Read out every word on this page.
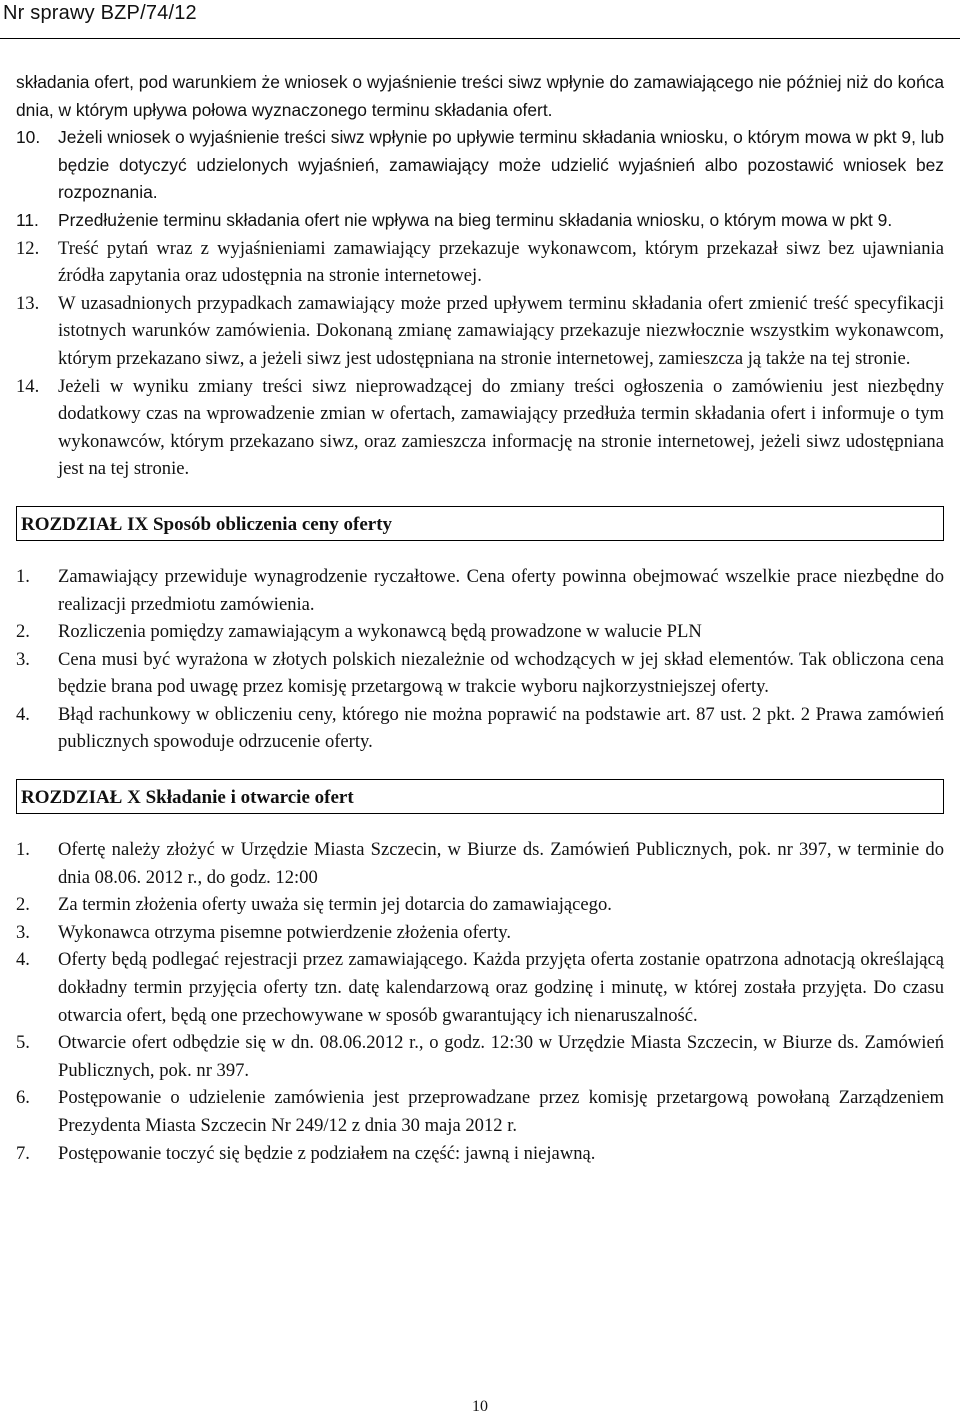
Nr sprawy BZP/74/12

składania ofert, pod warunkiem że wniosek o wyjaśnienie treści siwz wpłynie do zamawiającego nie później niż do końca dnia, w którym upływa połowa wyznaczonego terminu składania ofert.

10.	Jeżeli wniosek o wyjaśnienie treści siwz wpłynie po upływie terminu składania wniosku, o którym mowa w pkt 9, lub będzie dotyczyć udzielonych wyjaśnień, zamawiający może udzielić wyjaśnień albo pozostawić wniosek bez rozpoznania.
11.	Przedłużenie terminu składania ofert nie wpływa na bieg terminu składania wniosku, o którym mowa w pkt 9.
12.	Treść pytań wraz z wyjaśnieniami zamawiający przekazuje wykonawcom, którym przekazał siwz bez ujawniania źródła zapytania oraz udostępnia na stronie internetowej.
13.	W uzasadnionych przypadkach zamawiający może przed upływem terminu składania ofert zmienić treść specyfikacji istotnych warunków zamówienia. Dokonaną zmianę zamawiający przekazuje niezwłocznie wszystkim wykonawcom, którym przekazano siwz, a jeżeli siwz jest udostępniana na stronie internetowej, zamieszcza ją także na tej stronie.
14.	Jeżeli w wyniku zmiany treści siwz nieprowadzącej do zmiany treści ogłoszenia o zamówieniu jest niezbędny dodatkowy czas na wprowadzenie zmian w ofertach, zamawiający przedłuża termin składania ofert i informuje o tym wykonawców, którym przekazano siwz, oraz zamieszcza informację na stronie internetowej, jeżeli siwz udostępniana jest na tej stronie.
ROZDZIAŁ IX Sposób obliczenia ceny oferty
1.	Zamawiający przewiduje wynagrodzenie ryczałtowe. Cena oferty powinna obejmować wszelkie prace niezbędne do realizacji przedmiotu zamówienia.
2.	Rozliczenia pomiędzy zamawiającym a wykonawcą będą prowadzone w walucie PLN
3.	Cena musi być wyrażona w złotych polskich niezależnie od wchodzących w jej skład elementów. Tak obliczona cena będzie brana pod uwagę przez komisję przetargową w trakcie wyboru najkorzystniejszej oferty.
4.	Błąd rachunkowy w obliczeniu ceny, którego nie można poprawić na podstawie art. 87 ust. 2 pkt. 2 Prawa zamówień publicznych spowoduje odrzucenie oferty.
ROZDZIAŁ X Składanie i otwarcie ofert
1.	Ofertę należy złożyć w Urzędzie Miasta Szczecin, w Biurze ds. Zamówień Publicznych, pok. nr 397, w terminie do dnia 08.06. 2012 r., do godz. 12:00
2.	Za termin złożenia oferty uważa się termin jej dotarcia do zamawiającego.
3.	Wykonawca otrzyma pisemne potwierdzenie złożenia oferty.
4.	Oferty będą podlegać rejestracji przez zamawiającego. Każda przyjęta oferta zostanie opatrzona adnotacją określającą dokładny termin przyjęcia oferty tzn. datę kalendarzową oraz godzinę i minutę, w której została przyjęta. Do czasu otwarcia ofert, będą one przechowywane w sposób gwarantujący ich nienaruszalność.
5.	Otwarcie ofert odbędzie się w dn. 08.06.2012 r., o godz. 12:30 w Urzędzie Miasta Szczecin, w Biurze ds. Zamówień Publicznych, pok. nr 397.
6.	Postępowanie o udzielenie zamówienia jest przeprowadzane przez komisję przetargową powołaną Zarządzeniem Prezydenta Miasta Szczecin Nr 249/12 z dnia 30 maja 2012 r.
7.	Postępowanie toczyć się będzie z podziałem na część: jawną i niejawną.
10
